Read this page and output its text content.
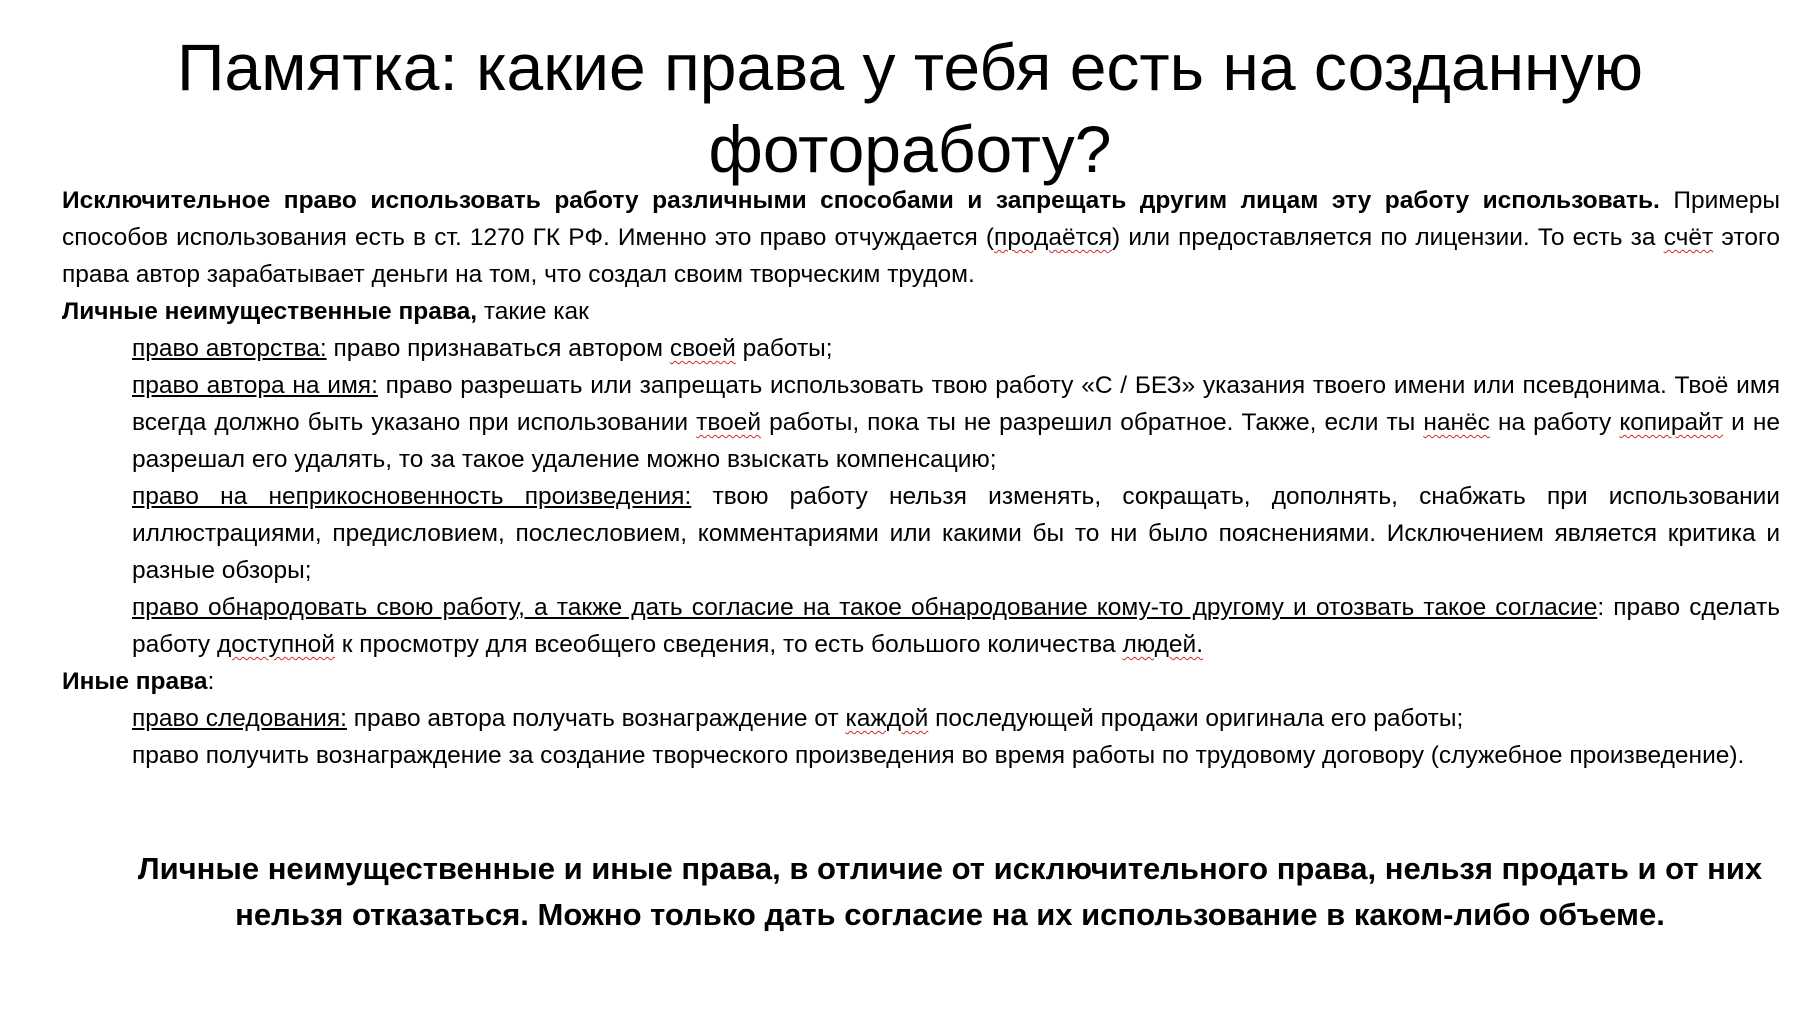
Памятка: какие права у тебя есть на созданную
фотоработу?

Исключительное право использовать работу различными способами и запрещать другим лицам эту работу использовать. Примеры способов использования есть в ст. 1270 ГК РФ. Именно это право отчуждается (продаётся) или предоставляется по лицензии. То есть за счёт этого права автор зарабатывает деньги на том, что создал своим творческим трудом.

Личные неимущественные права, такие как

право авторства: право признаваться автором своей работы;

право автора на имя: право разрешать или запрещать использовать твою работу «С / БЕЗ» указания твоего имени или псевдонима. Твоё имя всегда должно быть указано при использовании твоей работы, пока ты не разрешил обратное. Также, если ты нанёс на работу копирайт и не разрешал его удалять, то за такое удаление можно взыскать компенсацию;

право на неприкосновенность произведения: твою работу нельзя изменять, сокращать, дополнять, снабжать при использовании иллюстрациями, предисловием, послесловием, комментариями или какими бы то ни было пояснениями. Исключением является критика и разные обзоры;

право обнародовать свою работу, а также дать согласие на такое обнародование кому-то другому и отозвать такое согласие: право сделать работу доступной к просмотру для всеобщего сведения, то есть большого количества людей.

Иные права:

право следования: право автора получать вознаграждение от каждой последующей продажи оригинала его работы;

право получить вознаграждение за создание творческого произведения во время работы по трудовому договору (служебное произведение).

Личные неимущественные и иные права, в отличие от исключительного права, нельзя продать и от них нельзя отказаться. Можно только дать согласие на их использование в каком-либо объеме.
